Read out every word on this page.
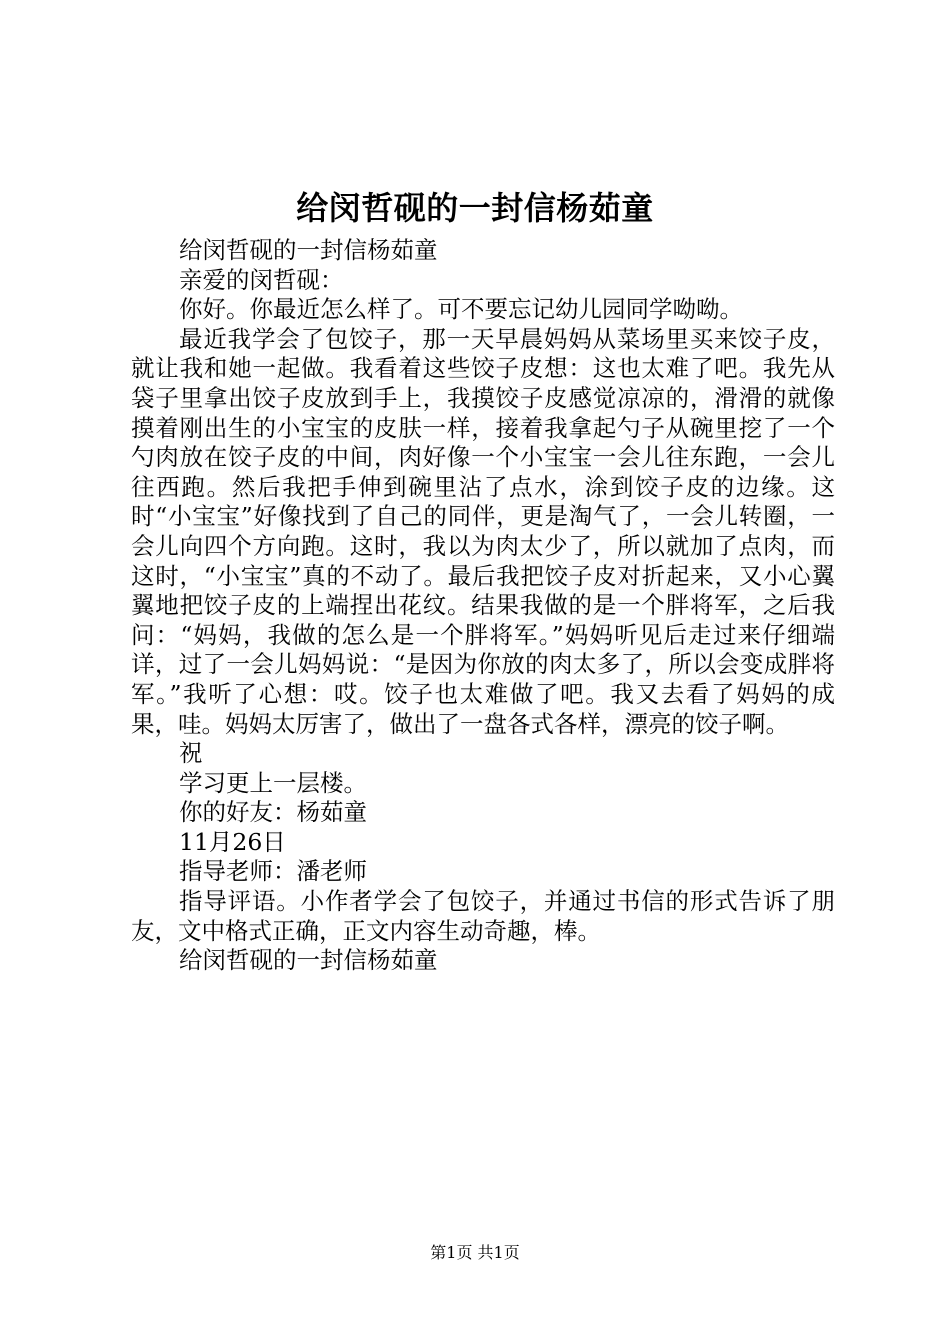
给闵哲砚的一封信杨茹童

给闵哲砚的一封信杨茹童

亲爱的闵哲砚：

你好。你最近怎么样了。可不要忘记幼儿园同学呦呦。

最近我学会了包饺子，那一天早晨妈妈从菜场里买来饺子皮，就让我和她一起做。我看着这些饺子皮想：这也太难了吧。我先从袋子里拿出饺子皮放到手上，我摸饺子皮感觉凉凉的，滑滑的就像摸着刚出生的小宝宝的皮肤一样，接着我拿起勺子从碗里挖了一个勺肉放在饺子皮的中间，肉好像一个小宝宝一会儿往东跑，一会儿往西跑。然后我把手伸到碗里沾了点水，涂到饺子皮的边缘。这时“小宝宝”好像找到了自己的同伴，更是淘气了，一会儿转圈，一会儿向四个方向跑。这时，我以为肉太少了，所以就加了点肉，而这时，“小宝宝”真的不动了。最后我把饺子皮对折起来，又小心翼翼地把饺子皮的上端捏出花纹。结果我做的是一个胖将军，之后我问：“妈妈，我做的怎么是一个胖将军。”妈妈听见后走过来仔细端详，过了一会儿妈妈说：“是因为你放的肉太多了，所以会变成胖将军。”我听了心想：哎。饺子也太难做了吧。我又去看了妈妈的成果，哇。妈妈太厉害了，做出了一盘各式各样，漂亮的饺子啊。

祝

学习更上一层楼。

你的好友：杨茹童

11月26日

指导老师：潘老师

指导评语。小作者学会了包饺子，并通过书信的形式告诉了朋友，文中格式正确，正文内容生动奇趣，棒。

给闵哲砚的一封信杨茹童

第1页 共1页
